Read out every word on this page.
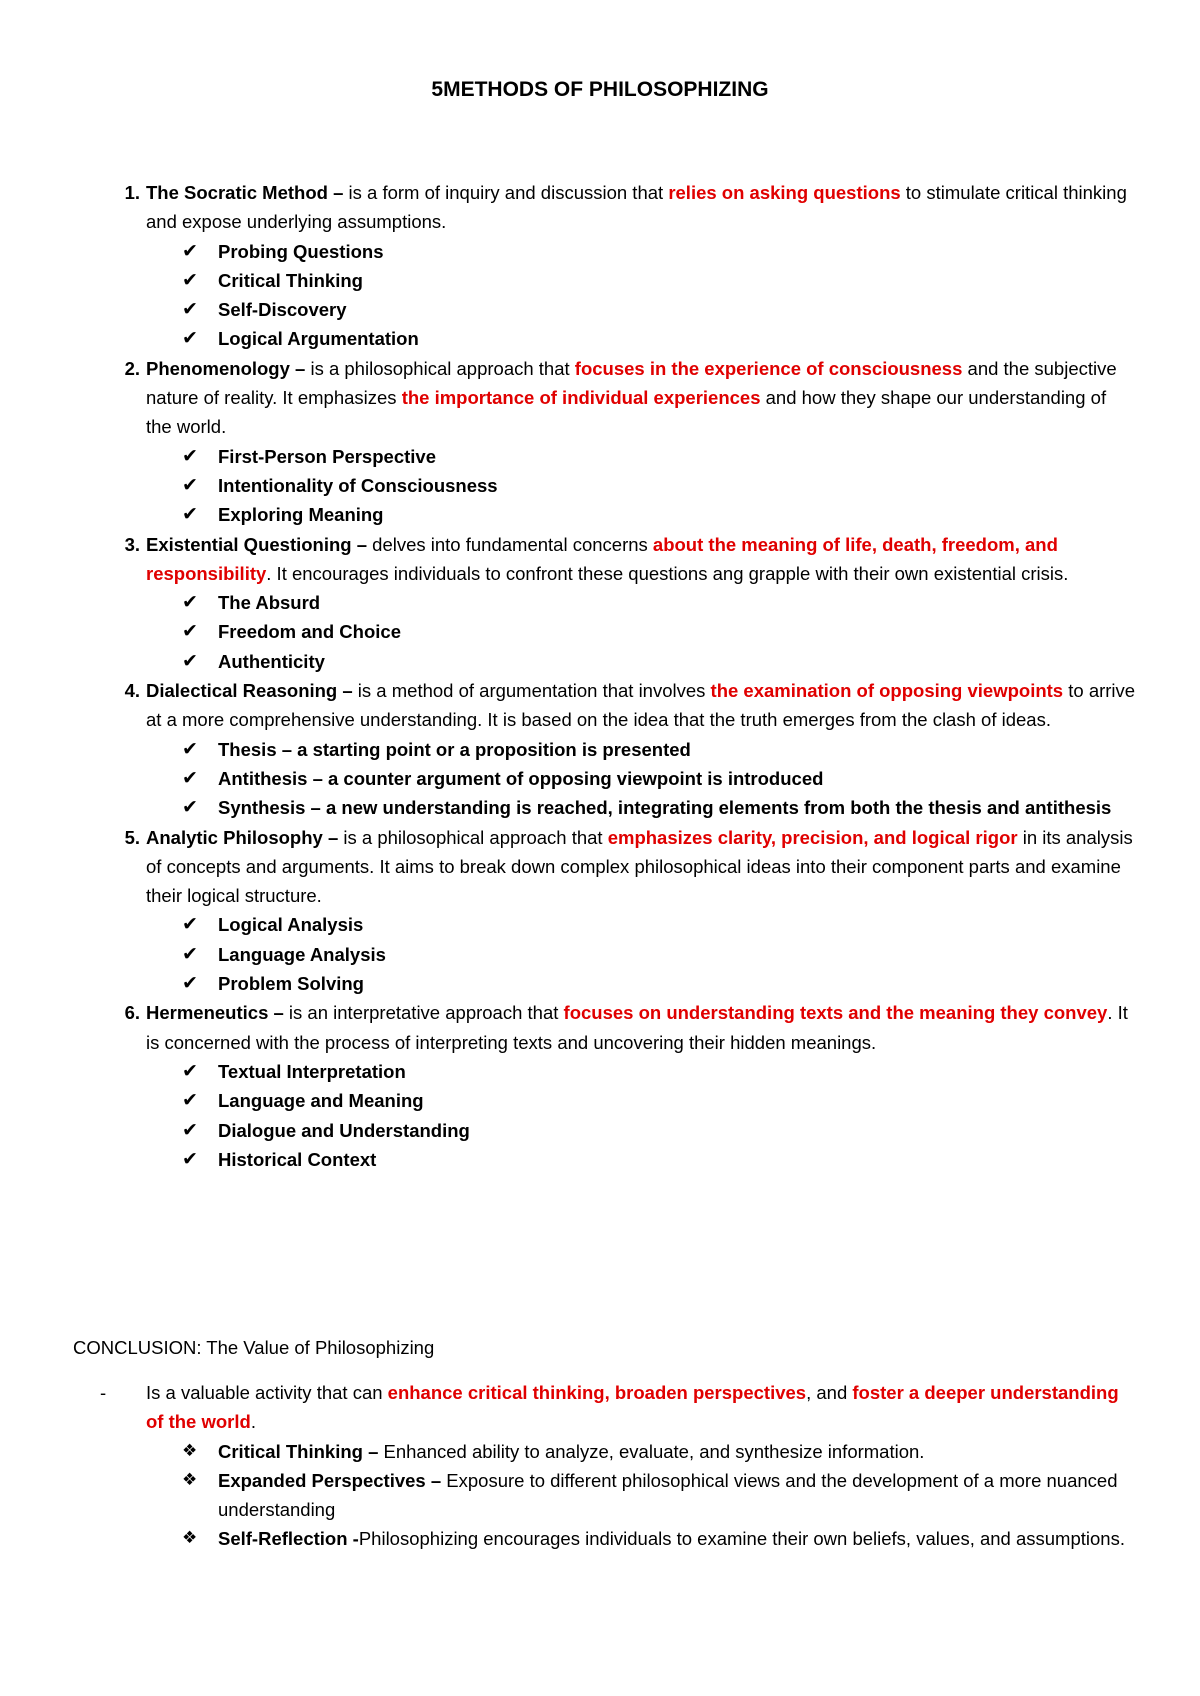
5METHODS OF PHILOSOPHIZING
1. The Socratic Method – is a form of inquiry and discussion that relies on asking questions to stimulate critical thinking and expose underlying assumptions.
✔	Probing Questions
✔	Critical Thinking
✔	Self-Discovery
✔	Logical Argumentation
2. Phenomenology – is a philosophical approach that focuses in the experience of consciousness and the subjective nature of reality. It emphasizes the importance of individual experiences and how they shape our understanding of the world.
✔	First-Person Perspective
✔	Intentionality of Consciousness
✔	Exploring Meaning
3. Existential Questioning – delves into fundamental concerns about the meaning of life, death, freedom, and responsibility. It encourages individuals to confront these questions ang grapple with their own existential crisis.
✔	The Absurd
✔	Freedom and Choice
✔	Authenticity
4. Dialectical Reasoning – is a method of argumentation that involves the examination of opposing viewpoints to arrive at a more comprehensive understanding. It is based on the idea that the truth emerges from the clash of ideas.
✔	Thesis – a starting point or a proposition is presented
✔	Antithesis – a counter argument of opposing viewpoint is introduced
✔	Synthesis – a new understanding is reached, integrating elements from both the thesis and antithesis
5. Analytic Philosophy – is a philosophical approach that emphasizes clarity, precision, and logical rigor in its analysis of concepts and arguments. It aims to break down complex philosophical ideas into their component parts and examine their logical structure.
✔	Logical Analysis
✔	Language Analysis
✔	Problem Solving
6. Hermeneutics – is an interpretative approach that focuses on understanding texts and the meaning they convey. It is concerned with the process of interpreting texts and uncovering their hidden meanings.
✔	Textual Interpretation
✔	Language and Meaning
✔	Dialogue and Understanding
✔	Historical Context

CONCLUSION: The Value of Philosophizing

- Is a valuable activity that can enhance critical thinking, broaden perspectives, and foster a deeper understanding of the world.
❖	Critical Thinking – Enhanced ability to analyze, evaluate, and synthesize information.
❖	Expanded Perspectives – Exposure to different philosophical views and the development of a more nuanced understanding
❖	Self-Reflection -Philosophizing encourages individuals to examine their own beliefs, values, and assumptions.
